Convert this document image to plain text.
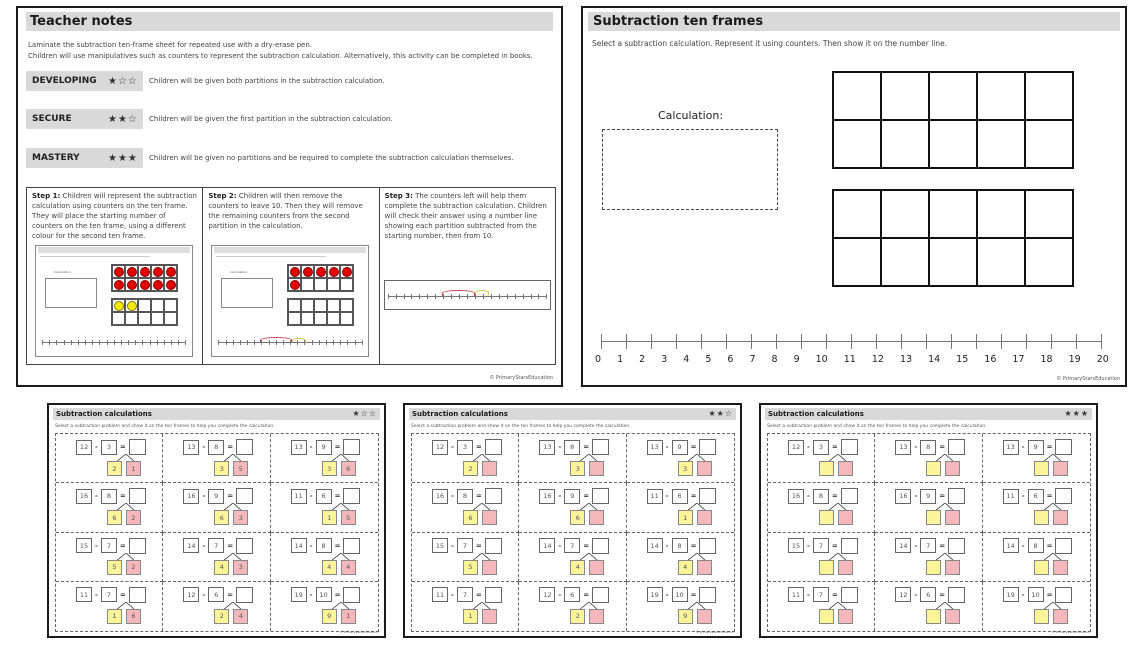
Teacher notes
Laminate the subtraction ten-frame sheet for repeated use with a dry-erase pen.
Children will use manipulatives such as counters to represent the subtraction calculation. Alternatively, this activity can be completed in books.
DEVELOPING	★☆☆ Children will be given both partitions in the subtraction calculation.
SECURE	★★☆ Children will be given the first partition in the subtraction calculation.
MASTERY	★★★ Children will be given no partitions and be required to complete the subtraction calculation themselves.
Step 1: Children will represent the subtraction calculation using counters on the ten frame. They will place the starting number of counters on the ten frame, using a different colour for the second ten frame.
Calculation:
Step 2: Children will then remove the counters to leave 10. Then they will remove the remaining counters from the second partition in the calculation.
Calculation:
Step 3: The counters left will help them complete the subtraction calculation. Children will check their answer using a number line showing each partition subtracted from the starting number, then from 10.
© PrimaryStarsEducation
Subtraction ten frames
Select a subtraction calculation. Represent it using counters. Then show it on the number line.
Calculation:
0 1 2 3 4 5 6 7 8 9 10 11 12 13 14 15 16 17 18 19 20
© PrimaryStarsEducation
Subtraction calculations	★☆☆
Select a subtraction problem and show it on the ten frames to help you complete the calculation.
12 -	3	=
2	1
13 -	8	=
3	5
13 -	9	=
3	6
16 -	8	=
6	2
16 -	9	=
6	3
11 -	6	=
1	5
15 -	7	=
5	2
14 -	7	=
4	3
14 -	8	=
4	4
11 -	7	=
1	6
12 -	6	=
2	4
19 -	10 =
9	1
© PrimaryStarsEducation
Subtraction calculations	★★☆
Select a subtraction problem and show it on the ten frames to help you complete the calculation.
12 -	3	=
2
13 -	8	=
3
13 -	9	=
3
16 -	8	=
6
16 -	9	=
6
11 -	6	=
1
15 -	7	=
5
14 -	7	=
4
14 -	8	=
4
11 -	7	=
1
12 -	6	=
2
19 -	10 =
9
© PrimaryStarsEducation
Subtraction calculations	★★★
Select a subtraction problem and show it on the ten frames to help you complete the calculation.
12 -	3	=	13 -	8	=	13 -	9	=
16 -	8	=	16 -	9	=	11 -	6	=
15 -	7	=	14 -	7	=	14 -	8	=
11 -	7	=	12 -	6	=	19 -	10 =
© PrimaryStarsEducation
